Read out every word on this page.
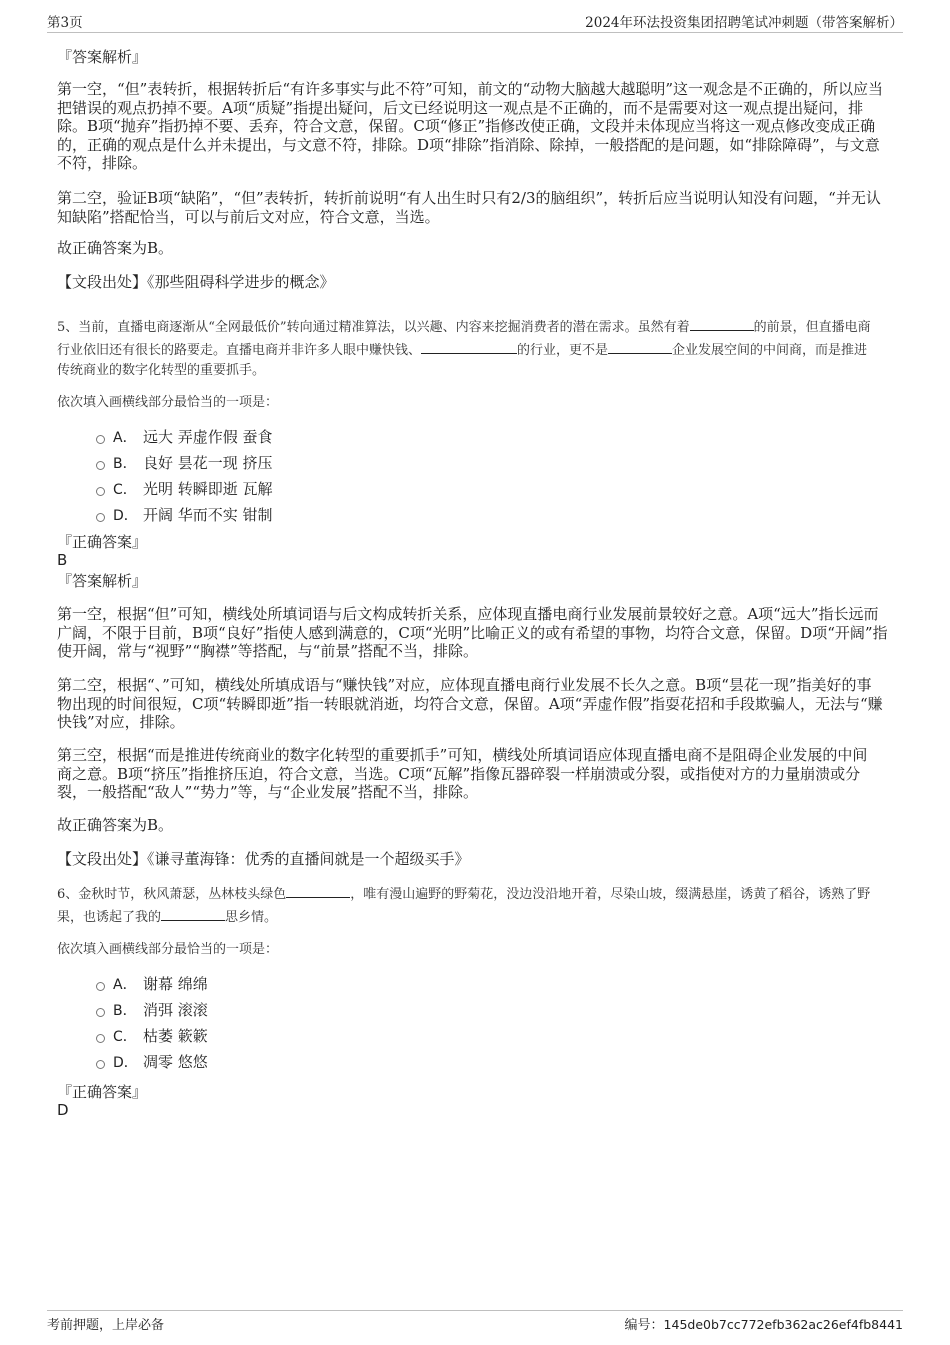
第3页	2024年环法投资集团招聘笔试冲刺题（带答案解析）
『答案解析』
第一空，“但”表转折，根据转折后“有许多事实与此不符”可知，前文的“动物大脑越大越聪明”这一观念是不正确的，所以应当
把错误的观点扔掉不要。A项“质疑”指提出疑问，后文已经说明这一观点是不正确的，而不是需要对这一观点提出疑问，排
除。B项“抛弃”指扔掉不要、丢弃，符合文意，保留。C项“修正”指修改使正确，文段并未体现应当将这一观点修改变成正确
的，正确的观点是什么并未提出，与文意不符，排除。D项“排除”指消除、除掉，一般搭配的是问题，如“排除障碍”，与文意
不符，排除。
第二空，验证B项“缺陷”，“但”表转折，转折前说明“有人出生时只有2/3的脑组织”，转折后应当说明认知没有问题，“并无认
知缺陷”搭配恰当，可以与前后文对应，符合文意，当选。
故正确答案为B。
【文段出处】《那些阻碍科学进步的概念》
5、当前，直播电商逐渐从“全网最低价”转向通过精准算法，以兴趣、内容来挖掘消费者的潜在需求。虽然有着	的前景，但直播电商
行业依旧还有很长的路要走。直播电商并非许多人眼中赚快钱、	的行业，更不是	企业发展空间的中间商，而是推进
传统商业的数字化转型的重要抓手。
依次填入画横线部分最恰当的一项是：
A． 远大 弄虚作假 蚕食
B． 良好 昙花一现 挤压
C． 光明 转瞬即逝 瓦解
D． 开阔 华而不实 钳制
『正确答案』
B
『答案解析』
第一空，根据“但”可知，横线处所填词语与后文构成转折关系，应体现直播电商行业发展前景较好之意。A项“远大”指长远而
广阔，不限于目前，B项“良好”指使人感到满意的，C项“光明”比喻正义的或有希望的事物，均符合文意，保留。D项“开阔”指
使开阔，常与“视野”“胸襟”等搭配，与“前景”搭配不当，排除。
第二空，根据“、”可知，横线处所填成语与“赚快钱”对应，应体现直播电商行业发展不长久之意。B项“昙花一现”指美好的事
物出现的时间很短，C项“转瞬即逝”指一转眼就消逝，均符合文意，保留。A项“弄虚作假”指耍花招和手段欺骗人，无法与“赚
快钱”对应，排除。
第三空，根据“而是推进传统商业的数字化转型的重要抓手”可知，横线处所填词语应体现直播电商不是阻碍企业发展的中间
商之意。B项“挤压”指推挤压迫，符合文意，当选。C项“瓦解”指像瓦器碎裂一样崩溃或分裂，或指使对方的力量崩溃或分
裂，一般搭配“敌人”“势力”等，与“企业发展”搭配不当，排除。
故正确答案为B。
【文段出处】《谦寻董海锋：优秀的直播间就是一个超级买手》
6、金秋时节，秋风萧瑟，丛林枝头绿色	，唯有漫山遍野的野菊花，没边没沿地开着，尽染山坡，缀满悬崖，诱黄了稻谷，诱熟了野
果，也诱起了我的	思乡情。
依次填入画横线部分最恰当的一项是：
A． 谢幕 绵绵
B． 消弭 滚滚
C． 枯萎 簌簌
D． 凋零 悠悠
『正确答案』
D
考前押题，上岸必备	编号：145de0b7cc772efb362ac26ef4fb8441
